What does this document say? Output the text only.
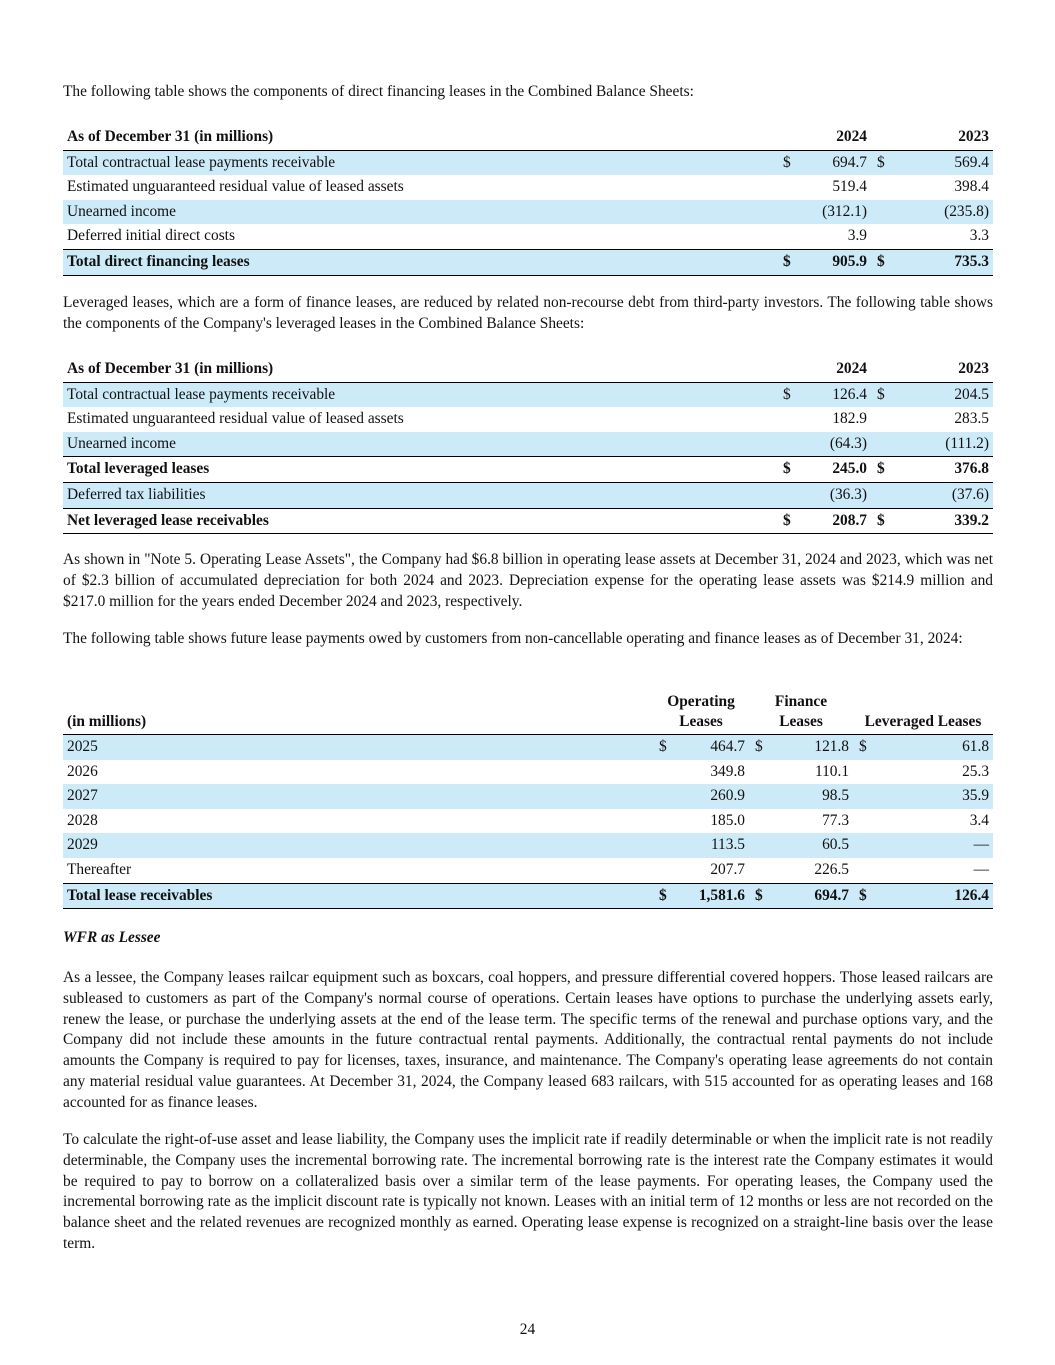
The following table shows the components of direct financing leases in the Combined Balance Sheets:

As of December 31 (in millions)		2024		2023
Total contractual lease payments receivable	$	694.7	$	569.4
Estimated unguaranteed residual value of leased assets		519.4		398.4
Unearned income		(312.1)		(235.8)
Deferred initial direct costs		3.9		3.3
Total direct financing leases	$	905.9	$	735.3

Leveraged leases, which are a form of finance leases, are reduced by related non-recourse debt from third-party investors. The following table shows the components of the Company's leveraged leases in the Combined Balance Sheets:

As of December 31 (in millions)		2024		2023
Total contractual lease payments receivable	$	126.4	$	204.5
Estimated unguaranteed residual value of leased assets		182.9		283.5
Unearned income		(64.3)		(111.2)
Total leveraged leases	$	245.0	$	376.8
Deferred tax liabilities		(36.3)		(37.6)
Net leveraged lease receivables	$	208.7	$	339.2

As shown in "Note 5. Operating Lease Assets", the Company had $6.8 billion in operating lease assets at December 31, 2024 and 2023, which was net of $2.3 billion of accumulated depreciation for both 2024 and 2023. Depreciation expense for the operating lease assets was $214.9 million and $217.0 million for the years ended December 2024 and 2023, respectively.

The following table shows future lease payments owed by customers from non-cancellable operating and finance leases as of December 31, 2024:

(in millions)	Operating Leases		Finance Leases		Leveraged Leases	
2025	$	464.7	$	121.8	$	61.8
2026		349.8		110.1		25.3
2027		260.9		98.5		35.9
2028		185.0		77.3		3.4
2029		113.5		60.5		—
Thereafter		207.7		226.5		—
Total lease receivables	$	1,581.6	$	694.7	$	126.4
WFR as Lessee

As a lessee, the Company leases railcar equipment such as boxcars, coal hoppers, and pressure differential covered hoppers. Those leased railcars are subleased to customers as part of the Company's normal course of operations. Certain leases have options to purchase the underlying assets early, renew the lease, or purchase the underlying assets at the end of the lease term. The specific terms of the renewal and purchase options vary, and the Company did not include these amounts in the future contractual rental payments. Additionally, the contractual rental payments do not include amounts the Company is required to pay for licenses, taxes, insurance, and maintenance. The Company's operating lease agreements do not contain any material residual value guarantees. At December 31, 2024, the Company leased 683 railcars, with 515 accounted for as operating leases and 168 accounted for as finance leases.

To calculate the right-of-use asset and lease liability, the Company uses the implicit rate if readily determinable or when the implicit rate is not readily determinable, the Company uses the incremental borrowing rate. The incremental borrowing rate is the interest rate the Company estimates it would be required to pay to borrow on a collateralized basis over a similar term of the lease payments. For operating leases, the Company used the incremental borrowing rate as the implicit discount rate is typically not known. Leases with an initial term of 12 months or less are not recorded on the balance sheet and the related revenues are recognized monthly as earned. Operating lease expense is recognized on a straight-line basis over the lease term.

24
